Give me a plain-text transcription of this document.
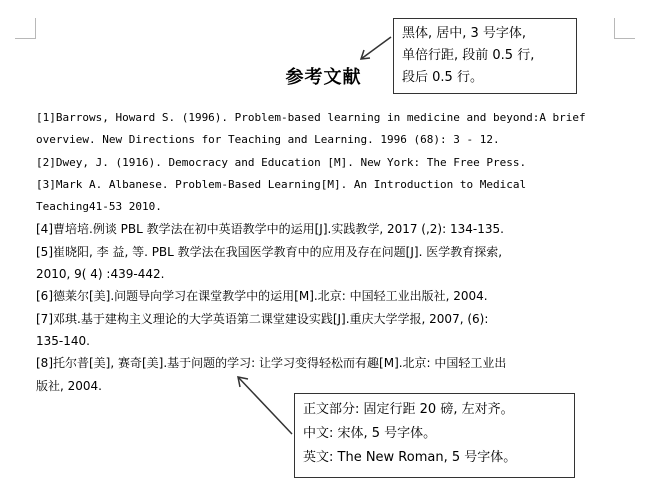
参考文献
[1]Barrows, Howard S. (1996). Problem-based learning in medicine and beyond:A brief
overview. New Directions for Teaching and Learning. 1996 (68): 3 - 12.
[2]Dwey, J. (1916). Democracy and Education [M]. New York: The Free Press.
[3]Mark A. Albanese. Problem-Based Learning[M]. An Introduction to Medical
Teaching41-53 2010.
[4]曹培培.例谈 PBL 教学法在初中英语教学中的运用[J].实践教学, 2017 (,2): 134-135.
[5]崔晓阳, 李 益, 等. PBL 教学法在我国医学教育中的应用及存在问题[J]. 医学教育探索,
2010, 9( 4) :439-442.
[6]德莱尔[美].问题导向学习在课堂教学中的运用[M].北京: 中国轻工业出版社, 2004.
[7]邓琪.基于建构主义理论的大学英语第二课堂建设实践[J].重庆大学学报, 2007, (6):
135-140.
[8]托尔普[美], 赛奇[美].基于问题的学习: 让学习变得轻松而有趣[M].北京: 中国轻工业出
版社, 2004.
黑体, 居中, 3 号字体,
单倍行距, 段前 0.5 行,
段后 0.5 行。
正文部分: 固定行距 20 磅, 左对齐。
中文: 宋体, 5 号字体。
英文: The New Roman, 5 号字体。
